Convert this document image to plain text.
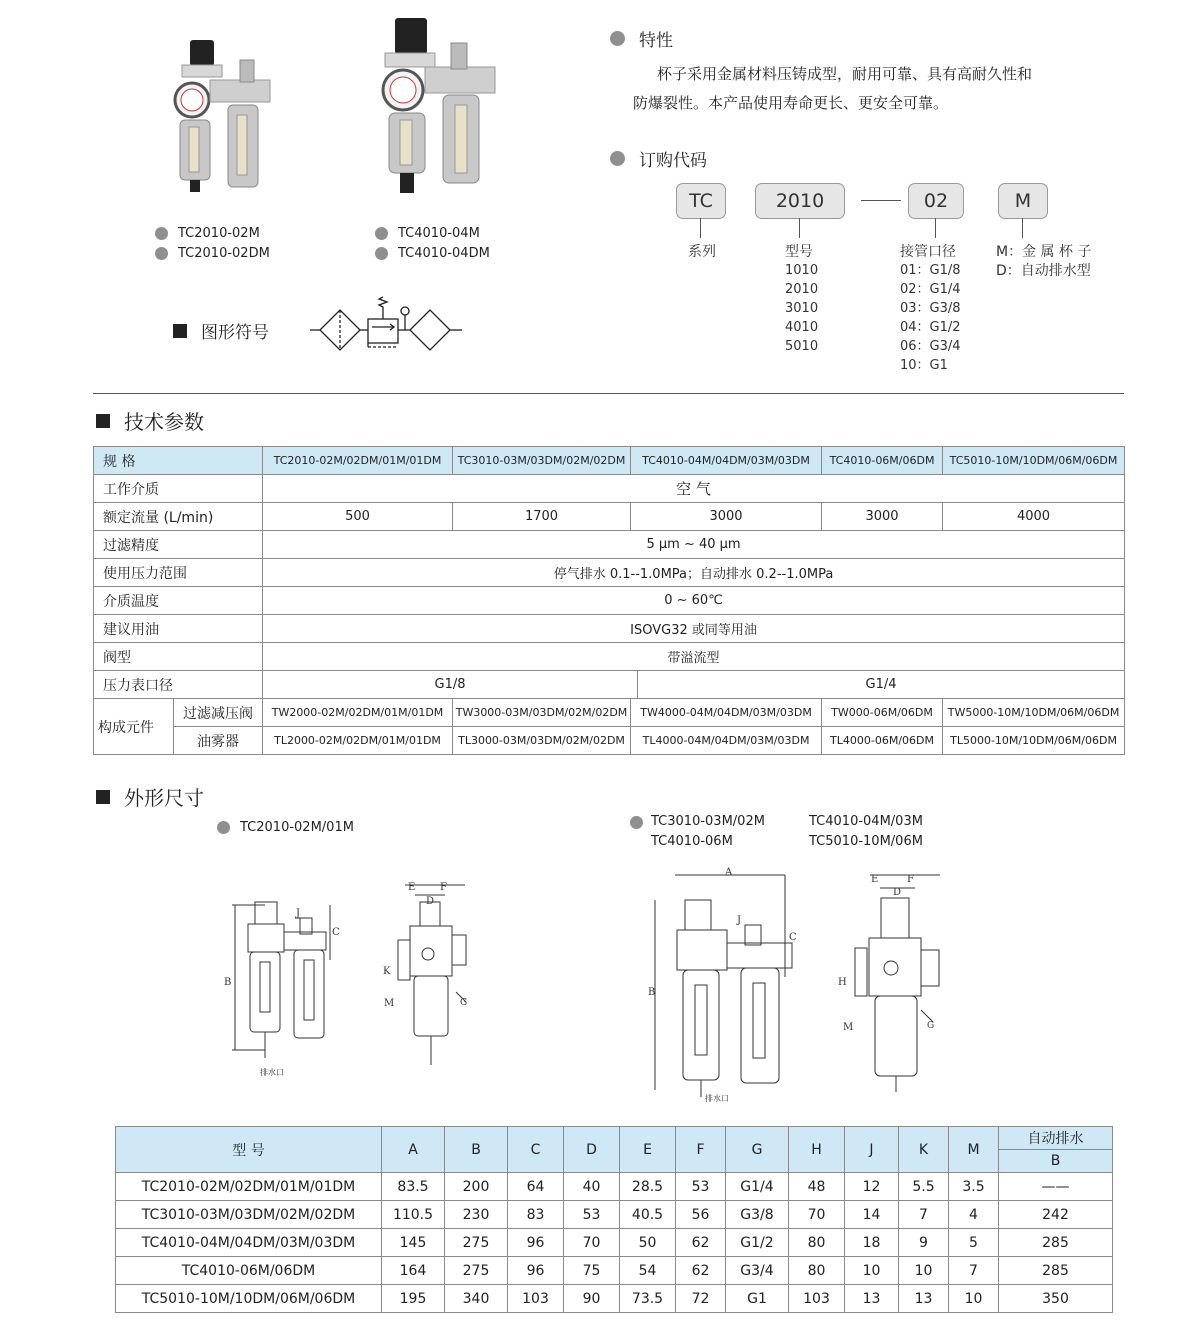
TC2010-02M
TC2010-02DM
TC4010-04M
TC4010-04DM
图形符号
特性
杯子采用金属材料压铸成型，耐用可靠、具有高耐久性和
防爆裂性。本产品使用寿命更长、更安全可靠。
订购代码
TC	2010	02	M
系列	型号
1010
2010
3010
4010
5010
接管口径
01：G1/8
02：G1/4
03：G3/8
04：G1/2
06：G3/4
10：G1
M：金 属 杯 子
D：自动排水型
技术参数
规 格		TC2010-02M/02DM/01M/01DM	TC3010-03M/03DM/02M/02DM	TC4010-04M/04DM/03M/03DM		TC4010-06M/06DM	TC5010-10M/10DM/06M/06DM
工作介质		空 气					
额定流量 (L/min)		500	1700	3000		3000	4000
过滤精度		5 μm ~ 40 μm					
使用压力范围		停气排水 0.1--1.0MPa；自动排水 0.2--1.0MPa					
介质温度		0 ~ 60℃					
建议用油		ISOVG32 或同等用油					
阀型		带溢流型					
压力表口径		G1/8			G1/4		
构成元件	过滤减压阀	TW2000-02M/02DM/01M/01DM	TW3000-03M/03DM/02M/02DM	TW4000-04M/04DM/03M/03DM		TW000-06M/06DM	TW5000-10M/10DM/06M/06DM
	油雾器	TL2000-02M/02DM/01M/01DM	TL3000-03M/03DM/02M/02DM	TL4000-04M/04DM/03M/03DM		TL4000-06M/06DM	TL5000-10M/10DM/06M/06DM
外形尺寸
TC2010-02M/01M	TC3010-03M/02M	TC4010-04M/03M
TC4010-06M	TC5010-10M/06M
B
C
J
排水口
E F
D
K
M	G
A
B
C
J
排水口
E	F
D
H
M	G
型 号	A	B	C	D	E	F	G	H	J	K	M	自动排水
												B
TC2010-02M/02DM/01M/01DM	83.5	200	64	40	28.5	53	G1/4	48	12	5.5	3.5	——
TC3010-03M/03DM/02M/02DM	110.5	230	83	53	40.5	56	G3/8	70	14	7	4	242
TC4010-04M/04DM/03M/03DM	145	275	96	70	50	62	G1/2	80	18	9	5	285
TC4010-06M/06DM	164	275	96	75	54	62	G3/4	80	10	10	7	285
TC5010-10M/10DM/06M/06DM	195	340	103	90	73.5	72	G1	103	13	13	10	350
